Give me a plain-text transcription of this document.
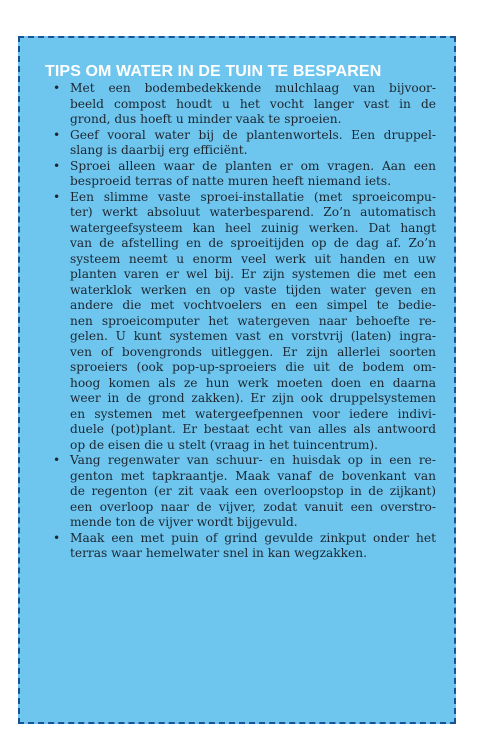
TIPS OM WATER IN DE TUIN TE BESPAREN
• Met een bodembedekkende mulchlaag van bijvoor-
beeld compost houdt u het vocht langer vast in de
grond, dus hoeft u minder vaak te sproeien.
• Geef vooral water bij de plantenwortels. Een druppel-
slang is daarbij erg efficiënt.
• Sproei alleen waar de planten er om vragen. Aan een
besproeid terras of natte muren heeft niemand iets.
• Een slimme vaste sproei-installatie (met sproeicompu-
ter) werkt absoluut waterbesparend. Zo’n automatisch
watergeefsysteem kan heel zuinig werken. Dat hangt
van de afstelling en de sproeitijden op de dag af. Zo’n
systeem neemt u enorm veel werk uit handen en uw
planten varen er wel bij. Er zijn systemen die met een
waterklok werken en op vaste tijden water geven en
andere die met vochtvoelers en een simpel te bedie-
nen sproeicomputer het watergeven naar behoefte re-
gelen. U kunt systemen vast en vorstvrij (laten) ingra-
ven of bovengronds uitleggen. Er zijn allerlei soorten
sproeiers (ook pop-up-sproeiers die uit de bodem om-
hoog komen als ze hun werk moeten doen en daarna
weer in de grond zakken). Er zijn ook druppelsystemen
en systemen met watergeefpennen voor iedere indivi-
duele (pot)plant. Er bestaat echt van alles als antwoord
op de eisen die u stelt (vraag in het tuincentrum).
• Vang regenwater van schuur- en huisdak op in een re-
genton met tapkraantje. Maak vanaf de bovenkant van
de regenton (er zit vaak een overloopstop in de zijkant)
een overloop naar de vijver, zodat vanuit een overstro-
mende ton de vijver wordt bijgevuld.
• Maak een met puin of grind gevulde zinkput onder het
terras waar hemelwater snel in kan wegzakken.
